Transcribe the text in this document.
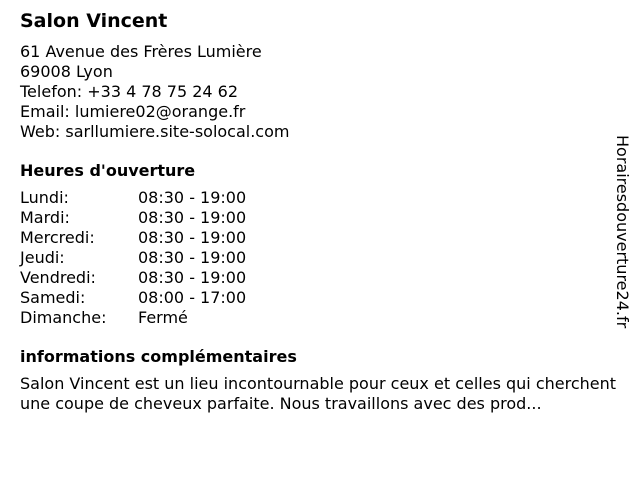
Salon Vincent
61 Avenue des Frères Lumière
69008 Lyon
Telefon: +33 4 78 75 24 62
Email: lumiere02@orange.fr
Web: sarllumiere.site-solocal.com
Heures d'ouverture
Lundi:	08:30 - 19:00
Mardi:	08:30 - 19:00
Mercredi:	08:30 - 19:00
Jeudi:	08:30 - 19:00
Vendredi:	08:30 - 19:00
Samedi:	08:00 - 17:00
Dimanche:	Fermé
informations complémentaires
Salon Vincent est un lieu incontournable pour ceux et celles qui cherchent une coupe de cheveux parfaite. Nous travaillons avec des prod...
Horairesdouverture24.fr
